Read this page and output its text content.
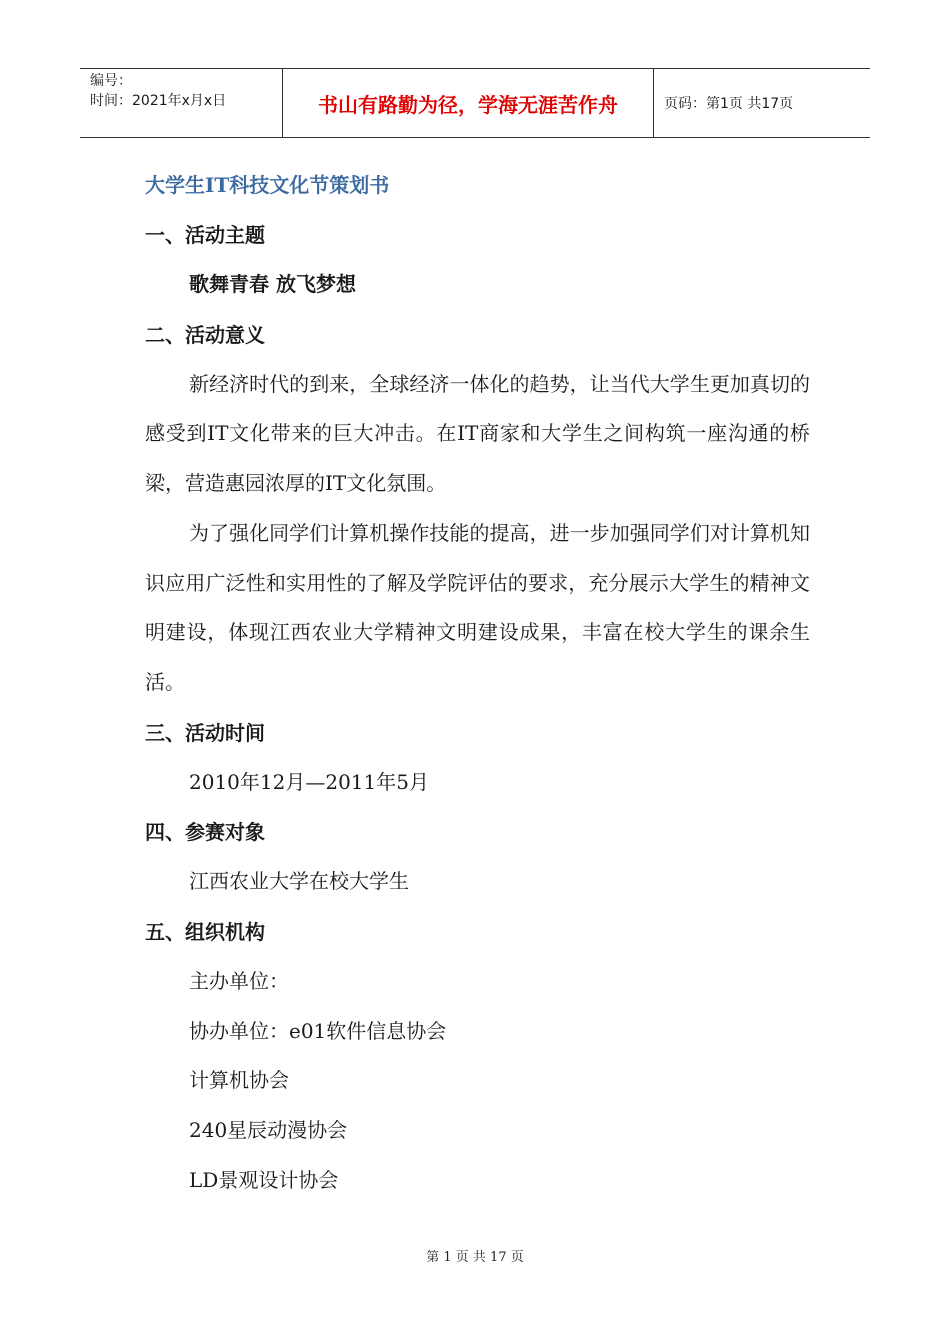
编号：
时间：2021年x月x日	书山有路勤为径，学海无涯苦作舟	页码：第1页 共17页

大学生IT科技文化节策划书

一、活动主题

歌舞青春 放飞梦想

二、活动意义

新经济时代的到来，全球经济一体化的趋势，让当代大学生更加真切的感受到IT文化带来的巨大冲击。在IT商家和大学生之间构筑一座沟通的桥梁，营造惠园浓厚的IT文化氛围。

为了强化同学们计算机操作技能的提高，进一步加强同学们对计算机知识应用广泛性和实用性的了解及学院评估的要求，充分展示大学生的精神文明建设，体现江西农业大学精神文明建设成果，丰富在校大学生的课余生活。

三、活动时间

2010年12月—2011年5月

四、参赛对象

江西农业大学在校大学生

五、组织机构

主办单位：

协办单位：e01软件信息协会

计算机协会

240星辰动漫协会

LD景观设计协会

第 1 页 共 17 页
